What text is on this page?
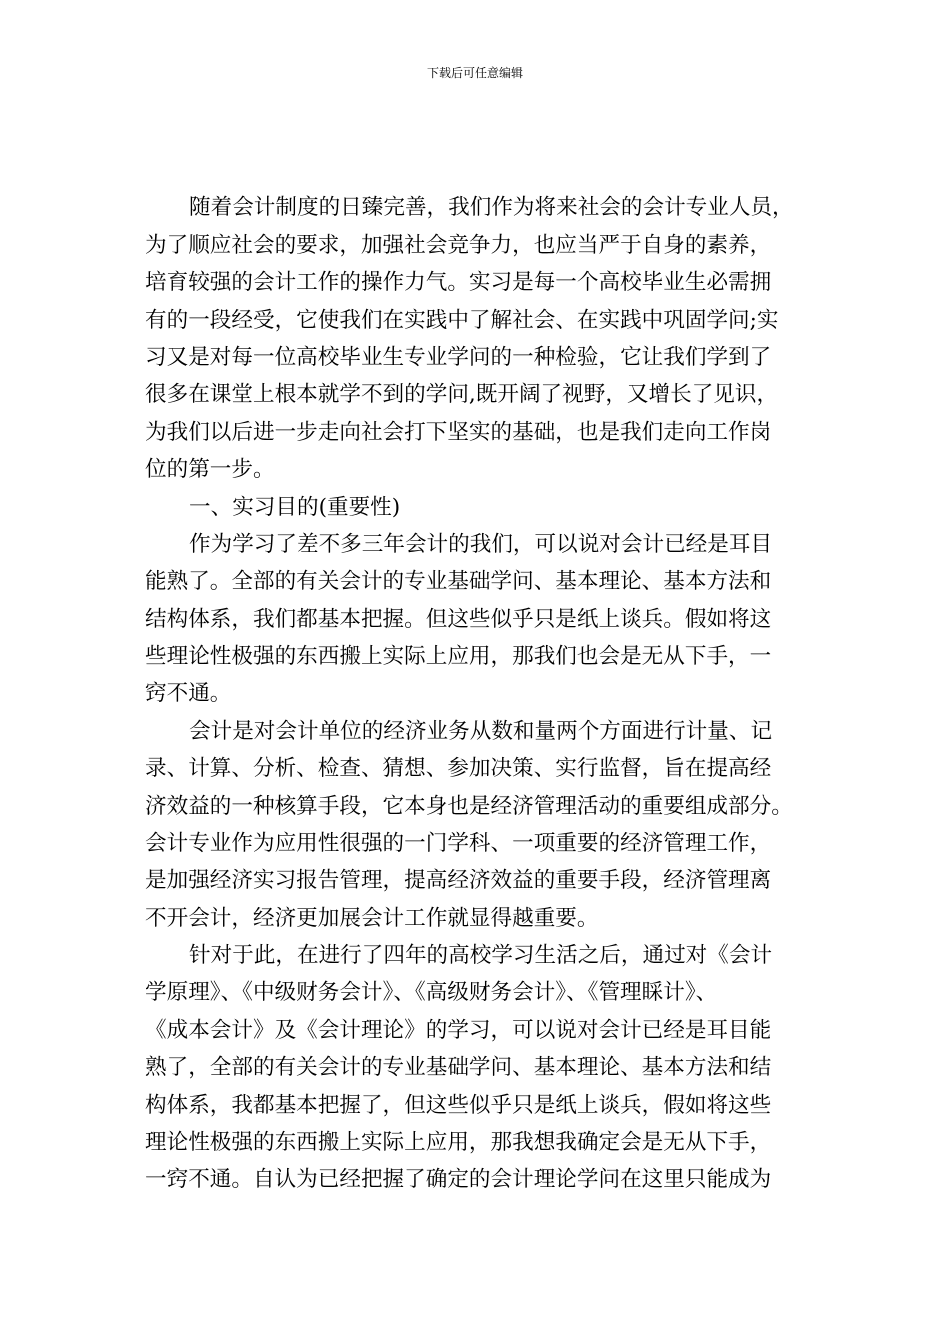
下载后可任意编辑
随着会计制度的日臻完善，我们作为将来社会的会计专业人员，
为了顺应社会的要求，加强社会竞争力，也应当严于自身的素养，
培育较强的会计工作的操作力气。实习是每一个高校毕业生必需拥
有的一段经受，它使我们在实践中了解社会、在实践中巩固学问;实
习又是对每一位高校毕业生专业学问的一种检验，它让我们学到了
很多在课堂上根本就学不到的学问,既开阔了视野，又增长了见识，
为我们以后进一步走向社会打下坚实的基础，也是我们走向工作岗
位的第一步。
一、实习目的(重要性)
作为学习了差不多三年会计的我们，可以说对会计已经是耳目
能熟了。全部的有关会计的专业基础学问、基本理论、基本方法和
结构体系，我们都基本把握。但这些似乎只是纸上谈兵。假如将这
些理论性极强的东西搬上实际上应用，那我们也会是无从下手，一
窍不通。
会计是对会计单位的经济业务从数和量两个方面进行计量、记
录、计算、分析、检查、猜想、参加决策、实行监督，旨在提高经
济效益的一种核算手段，它本身也是经济管理活动的重要组成部分。
会计专业作为应用性很强的一门学科、一项重要的经济管理工作，
是加强经济实习报告管理，提高经济效益的重要手段，经济管理离
不开会计，经济更加展会计工作就显得越重要。
针对于此，在进行了四年的高校学习生活之后，通过对《会计
学原理》、《中级财务会计》、《高级财务会计》、《管理睬计》、
《成本会计》及《会计理论》的学习，可以说对会计已经是耳目能
熟了，全部的有关会计的专业基础学问、基本理论、基本方法和结
构体系，我都基本把握了，但这些似乎只是纸上谈兵，假如将这些
理论性极强的东西搬上实际上应用，那我想我确定会是无从下手，
一窍不通。自认为已经把握了确定的会计理论学问在这里只能成为
